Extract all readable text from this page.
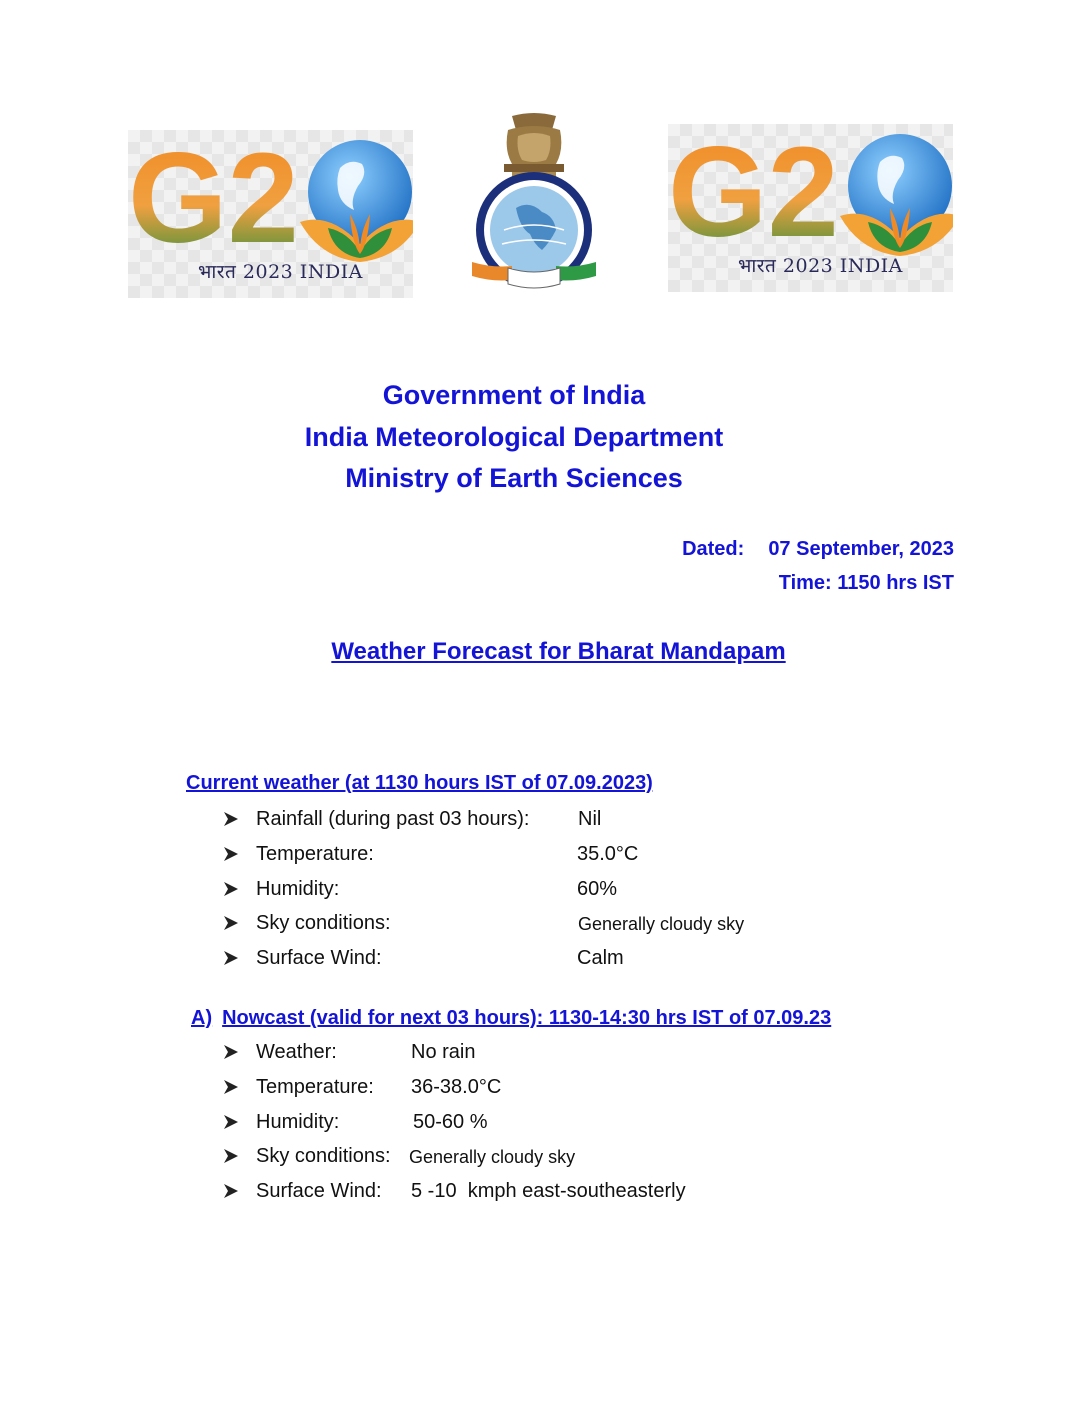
G2
भारत 2023 INDIA
G2
भारत 2023 INDIA
Government of India
India Meteorological Department
Ministry of Earth Sciences
Dated: 07 September, 2023
Time: 1150 hrs IST
Weather Forecast for Bharat Mandapam
Current weather (at 1130 hours IST of 07.09.2023)
Rainfall (during past 03 hours): Nil
Temperature:	35.0°C
Humidity:	60%
Sky conditions:	Generally cloudy sky
Surface Wind:	Calm
A) Nowcast (valid for next 03 hours): 1130-14:30 hrs IST of 07.09.23
Weather:	No rain
Temperature: 36-38.0°C
Humidity:	50-60 %
Sky conditions: Generally cloudy sky
Surface Wind: 5 -10  kmph east-southeasterly
